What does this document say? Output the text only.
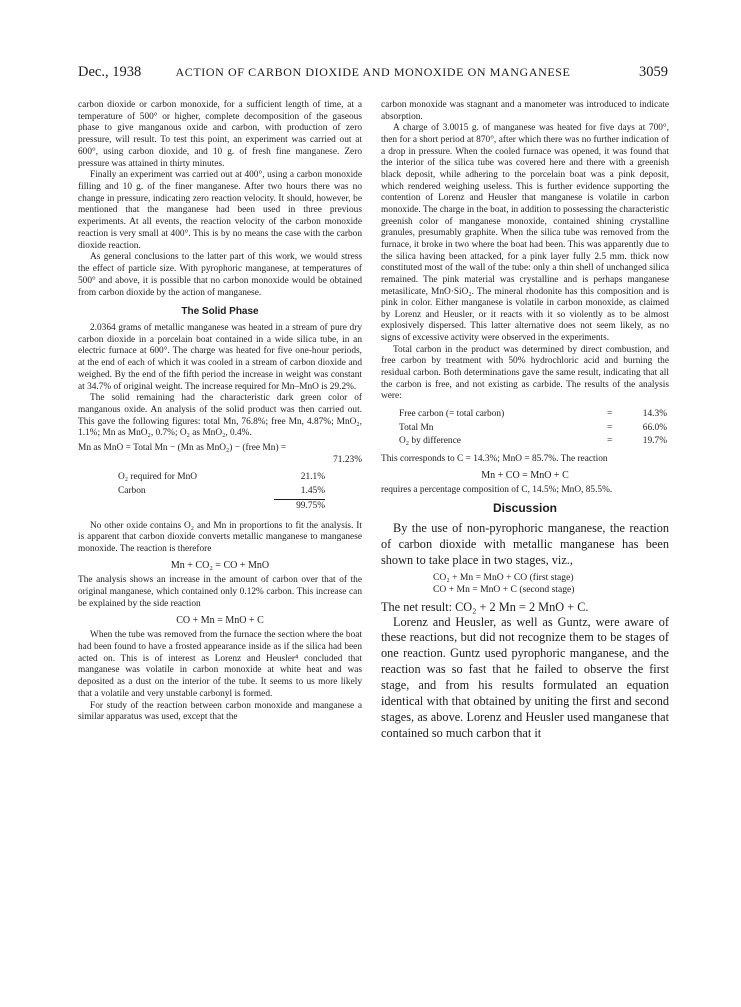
Dec., 1938	ACTION OF CARBON DIOXIDE AND MONOXIDE ON MANGANESE	3059

carbon dioxide or carbon monoxide, for a sufficient length of time, at a temperature of 500° or higher, complete decomposition of the gaseous phase to give manganous oxide and carbon, with production of zero pressure, will result. To test this point, an experiment was carried out at 600°, using carbon dioxide, and 10 g. of fresh fine manganese. Zero pressure was attained in thirty minutes.

Finally an experiment was carried out at 400°, using a carbon monoxide filling and 10 g. of the finer manganese. After two hours there was no change in pressure, indicating zero reaction velocity. It should, however, be mentioned that the manganese had been used in three previous experiments. At all events, the reaction velocity of the carbon monoxide reaction is very small at 400°. This is by no means the case with the carbon dioxide reaction.

As general conclusions to the latter part of this work, we would stress the effect of particle size. With pyrophoric manganese, at temperatures of 500° and above, it is possible that no carbon monoxide would be obtained from carbon dioxide by the action of manganese.

The Solid Phase

2.0364 grams of metallic manganese was heated in a stream of pure dry carbon dioxide in a porcelain boat contained in a wide silica tube, in an electric furnace at 600°. The charge was heated for five one-hour periods, at the end of each of which it was cooled in a stream of carbon dioxide and weighed. By the end of the fifth period the increase in weight was constant at 34.7% of original weight. The increase required for Mn–MnO is 29.2%.

The solid remaining had the characteristic dark green color of manganous oxide. An analysis of the solid product was then carried out. This gave the following figures: total Mn, 76.8%; free Mn, 4.87%; MnO₂, 1.1%; Mn as MnO₂, 0.7%; O₂ as MnO₂, 0.4%.

Mn as MnO = Total Mn − (Mn as MnO₂) − (free Mn) =
71.23%
O₂ required for MnO	21.1%	
Carbon	1.45%	
	99.75%	

No other oxide contains O₂ and Mn in proportions to fit the analysis. It is apparent that carbon dioxide converts metallic manganese to manganese monoxide. The reaction is therefore

Mn + CO₂ = CO + MnO

The analysis shows an increase in the amount of carbon over that of the original manganese, which contained only 0.12% carbon. This increase can be explained by the side reaction

CO + Mn = MnO + C

When the tube was removed from the furnace the section where the boat had been found to have a frosted appearance inside as if the silica had been acted on. This is of interest as Lorenz and Heusler⁴ concluded that manganese was volatile in carbon monoxide at white heat and was deposited as a dust on the interior of the tube. It seems to us more likely that a volatile and very unstable carbonyl is formed.

For study of the reaction between carbon monoxide and manganese a similar apparatus was used, except that the

carbon monoxide was stagnant and a manometer was introduced to indicate absorption.

A charge of 3.0015 g. of manganese was heated for five days at 700°, then for a short period at 870°, after which there was no further indication of a drop in pressure. When the cooled furnace was opened, it was found that the interior of the silica tube was covered here and there with a greenish black deposit, while adhering to the porcelain boat was a pink deposit, which rendered weighing useless. This is further evidence supporting the contention of Lorenz and Heusler that manganese is volatile in carbon monoxide. The charge in the boat, in addition to possessing the characteristic greenish color of manganese monoxide, contained shining crystalline granules, presumably graphite. When the silica tube was removed from the furnace, it broke in two where the boat had been. This was apparently due to the silica having been attacked, for a pink layer fully 2.5 mm. thick now constituted most of the wall of the tube: only a thin shell of unchanged silica remained. The pink material was crystalline and is perhaps manganese metasilicate, MnO·SiO₂. The mineral rhodonite has this composition and is pink in color. Either manganese is volatile in carbon monoxide, as claimed by Lorenz and Heusler, or it reacts with it so violently as to be almost explosively dispersed. This latter alternative does not seem likely, as no signs of excessive activity were observed in the experiments.

Total carbon in the product was determined by direct combustion, and free carbon by treatment with 50% hydrochloric acid and burning the residual carbon. Both determinations gave the same result, indicating that all the carbon is free, and not existing as carbide. The results of the analysis were:

Free carbon (= total carbon)	=	14.3%
Total Mn	=	66.0%
O₂ by difference	=	19.7%

This corresponds to C = 14.3%; MnO = 85.7%. The reaction

Mn + CO = MnO + C

requires a percentage composition of C, 14.5%; MnO, 85.5%.

Discussion

By the use of non-pyrophoric manganese, the reaction of carbon dioxide with metallic manganese has been shown to take place in two stages, viz.,

CO₂ + Mn = MnO + CO (first stage)
CO + Mn = MnO + C (second stage)

The net result: CO₂ + 2 Mn = 2 MnO + C.

Lorenz and Heusler, as well as Guntz, were aware of these reactions, but did not recognize them to be stages of one reaction. Guntz used pyrophoric manganese, and the reaction was so fast that he failed to observe the first stage, and from his results formulated an equation identical with that obtained by uniting the first and second stages, as above. Lorenz and Heusler used manganese that contained so much carbon that it
